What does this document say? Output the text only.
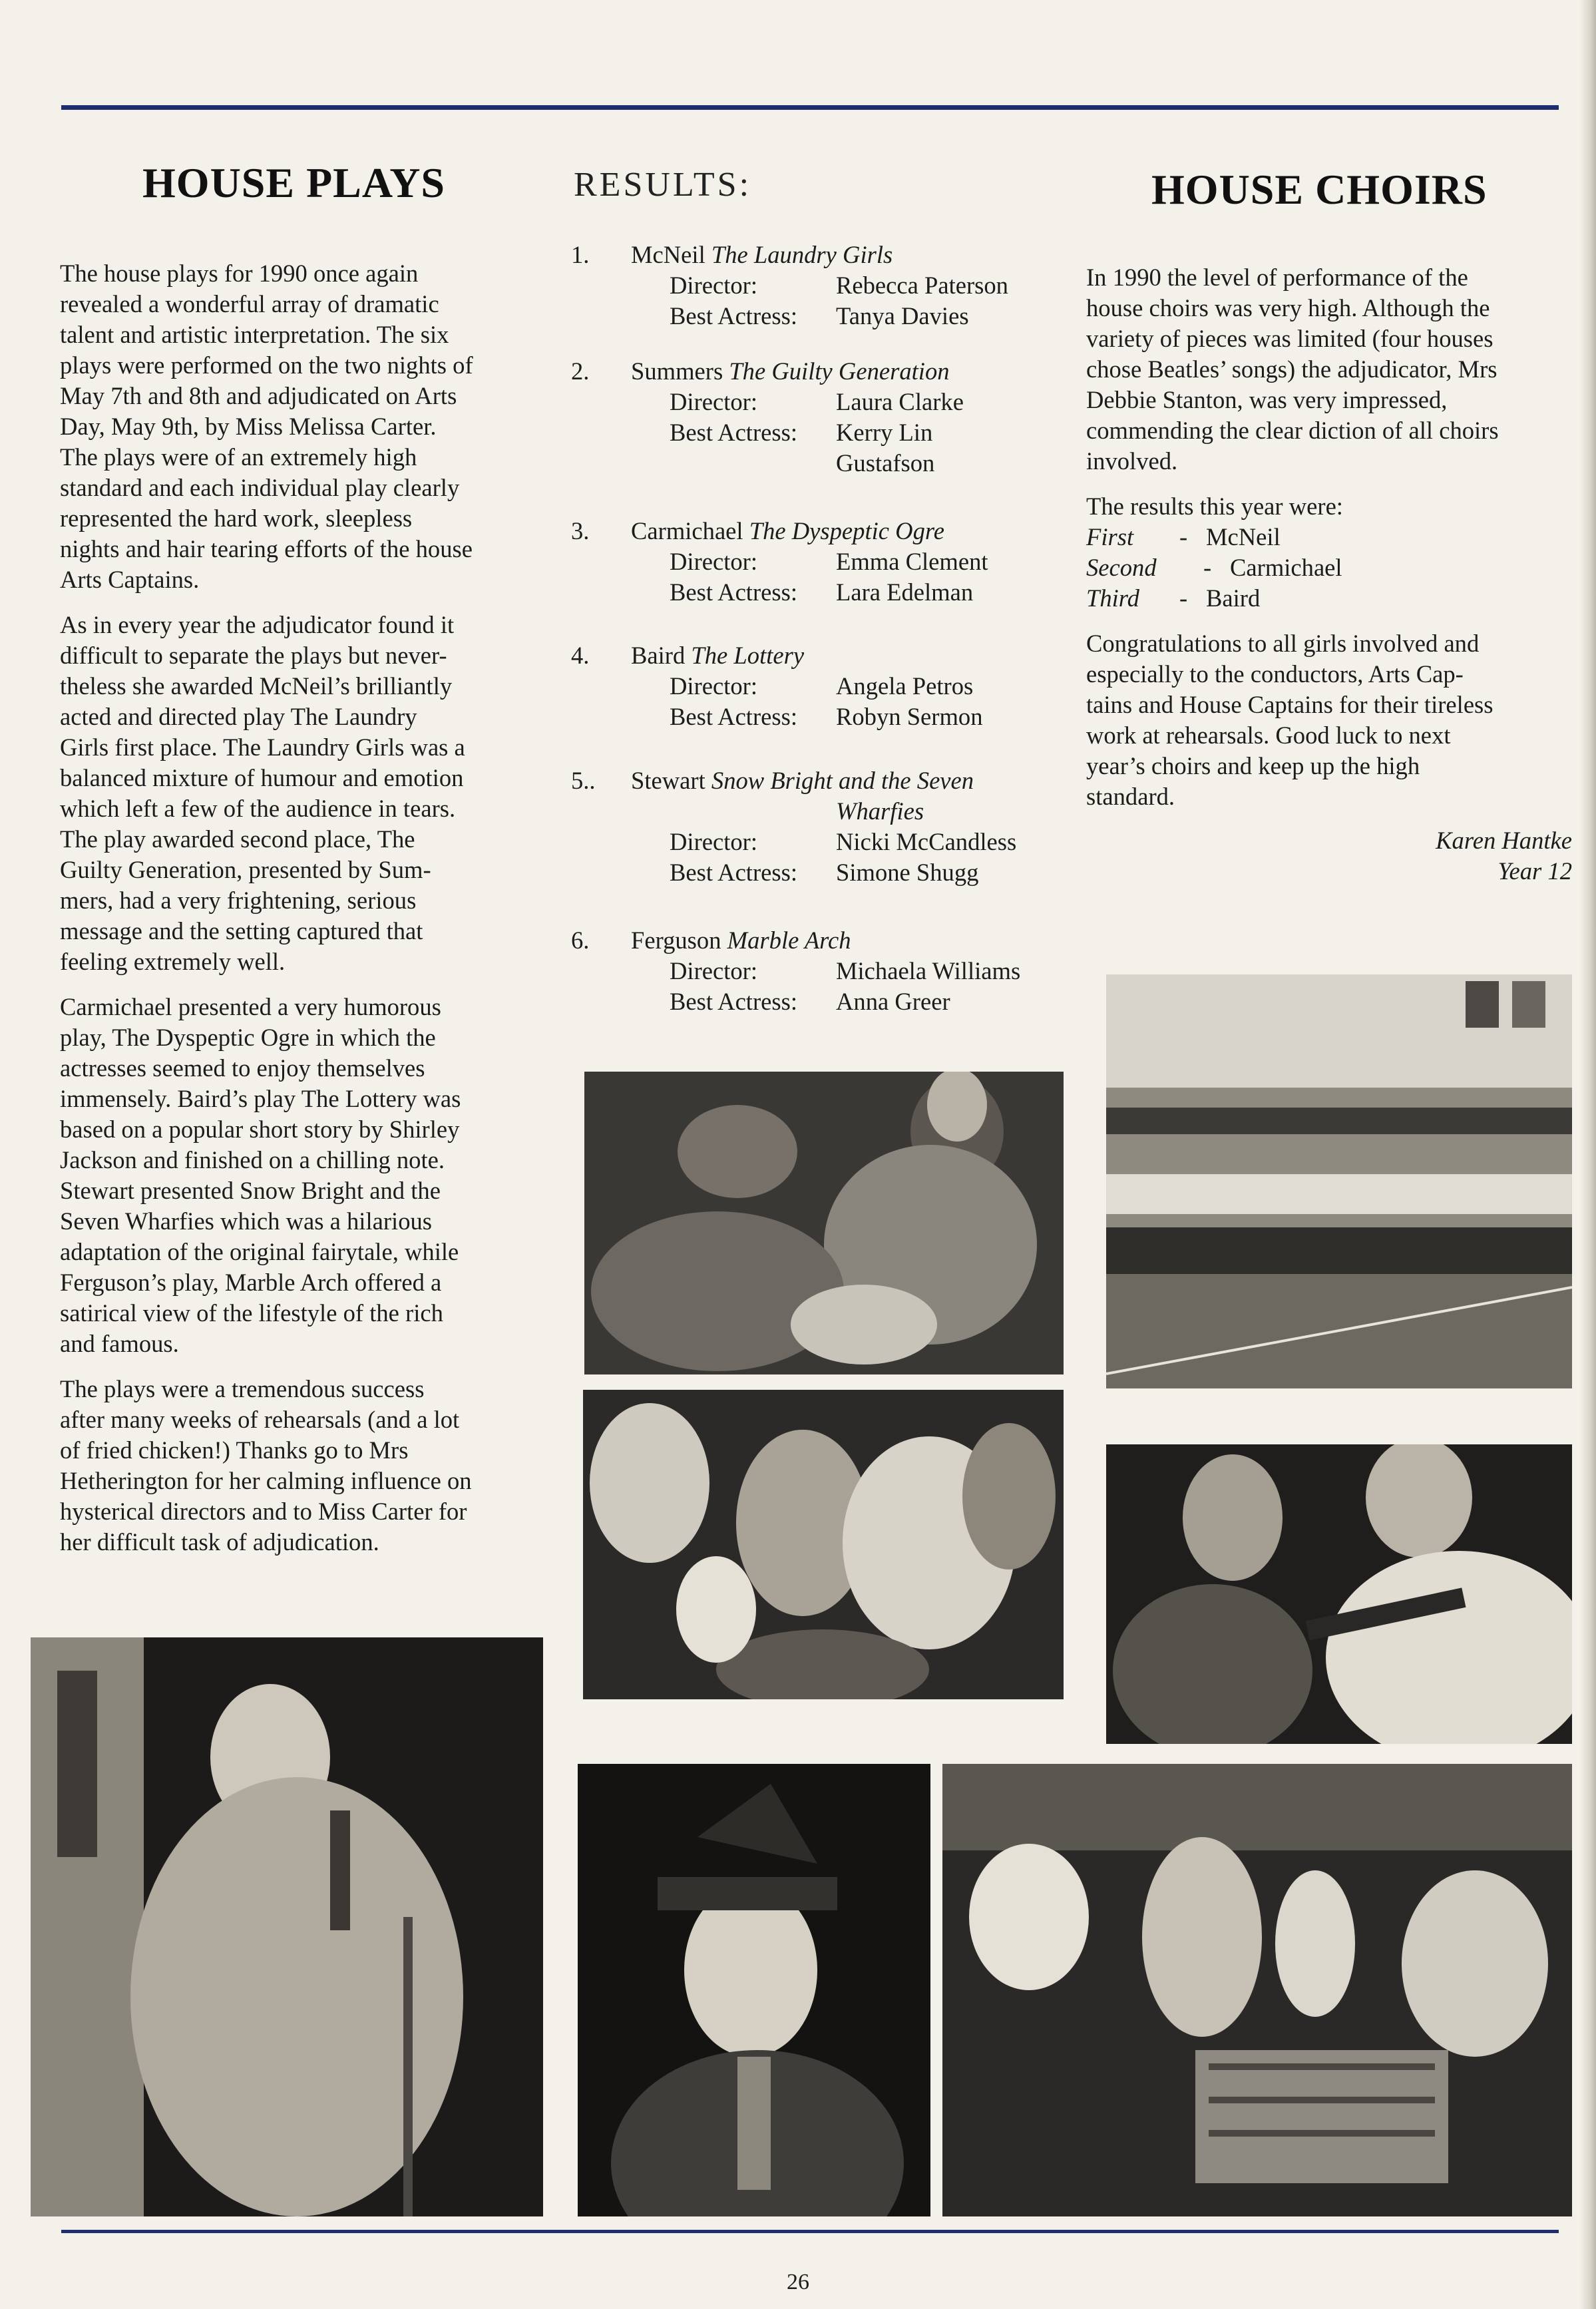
HOUSE PLAYS

The house plays for 1990 once again
revealed a wonderful array of dramatic
talent and artistic interpretation. The six
plays were performed on the two nights of
May 7th and 8th and adjudicated on Arts
Day, May 9th, by Miss Melissa Carter.
The plays were of an extremely high
standard and each individual play clearly
represented the hard work, sleepless
nights and hair tearing efforts of the house
Arts Captains.

As in every year the adjudicator found it
difficult to separate the plays but never-
theless she awarded McNeil’s brilliantly
acted and directed play The Laundry
Girls first place. The Laundry Girls was a
balanced mixture of humour and emotion
which left a few of the audience in tears.
The play awarded second place, The
Guilty Generation, presented by Sum-
mers, had a very frightening, serious
message and the setting captured that
feeling extremely well.

Carmichael presented a very humorous
play, The Dyspeptic Ogre in which the
actresses seemed to enjoy themselves
immensely. Baird’s play The Lottery was
based on a popular short story by Shirley
Jackson and finished on a chilling note.
Stewart presented Snow Bright and the
Seven Wharfies which was a hilarious
adaptation of the original fairytale, while
Ferguson’s play, Marble Arch offered a
satirical view of the lifestyle of the rich
and famous.

The plays were a tremendous success
after many weeks of rehearsals (and a lot
of fried chicken!) Thanks go to Mrs
Hetherington for her calming influence on
hysterical directors and to Miss Carter for
her difficult task of adjudication.

RESULTS:
1. McNeil The Laundry Girls
Director:	Rebecca Paterson
Best Actress: Tanya Davies
2. Summers The Guilty Generation
Director:	Laura Clarke
Best Actress: Kerry Lin
Gustafson
3. Carmichael The Dyspeptic Ogre
Director:	Emma Clement
Best Actress: Lara Edelman
4. Baird The Lottery
Director:	Angela Petros
Best Actress: Robyn Sermon
5.. Stewart Snow Bright and the Seven
Wharfies
Director:	Nicki McCandless
Best Actress: Simone Shugg
6. Ferguson Marble Arch
Director:	Michaela Williams
Best Actress: Anna Greer
HOUSE CHOIRS

In 1990 the level of performance of the
house choirs was very high. Although the
variety of pieces was limited (four houses
chose Beatles’ songs) the adjudicator, Mrs
Debbie Stanton, was very impressed,
commending the clear diction of all choirs
involved.

The results this year were:
First - McNeil
Second - Carmichael
Third - Baird

Congratulations to all girls involved and
especially to the conductors, Arts Cap-
tains and House Captains for their tireless
work at rehearsals. Good luck to next
year’s choirs and keep up the high
standard.

Karen Hantke
Year 12
26
